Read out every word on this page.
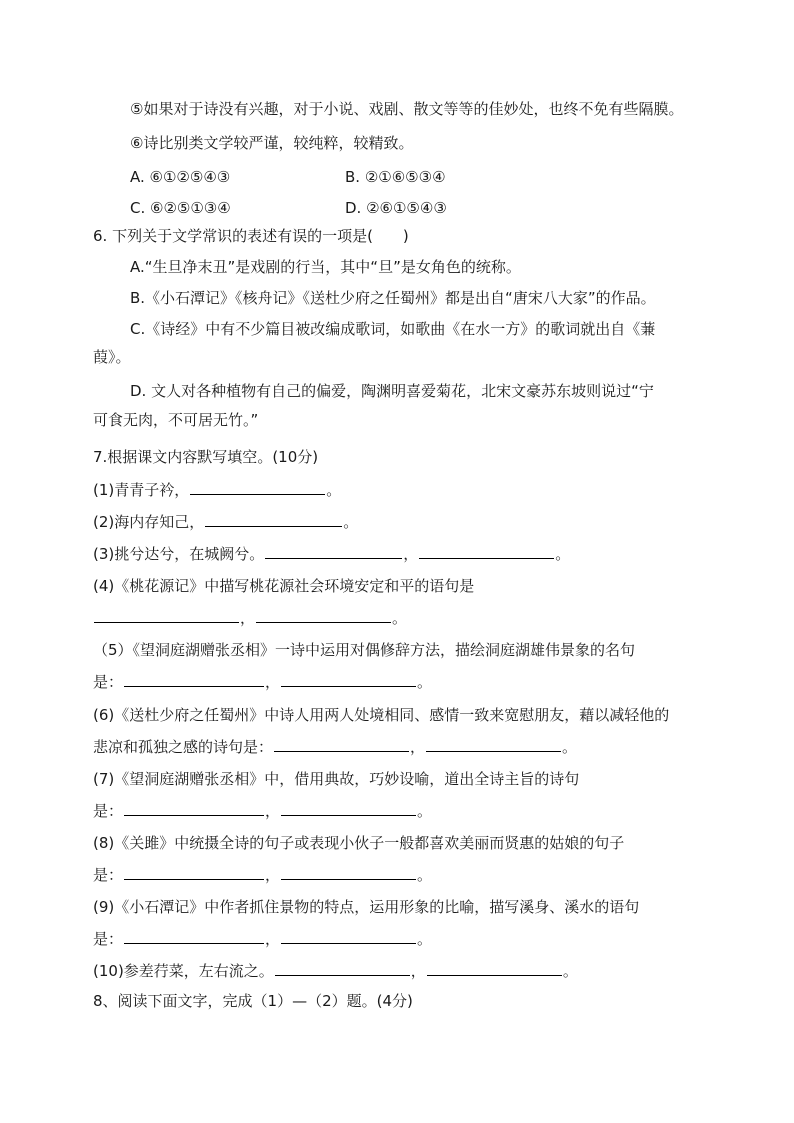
⑤如果对于诗没有兴趣，对于小说、戏剧、散文等等的佳妙处，也终不免有些隔膜。
⑥诗比别类文学较严谨，较纯粹，较精致。
A. ⑥①②⑤④③	B. ②①⑥⑤③④
C. ⑥②⑤①③④	D. ②⑥①⑤④③
6. 下列关于文学常识的表述有误的一项是(　　)
A.“生旦净末丑”是戏剧的行当，其中“旦”是女角色的统称。
B.《小石潭记》《核舟记》《送杜少府之任蜀州》都是出自“唐宋八大家”的作品。
C.《诗经》中有不少篇目被改编成歌词，如歌曲《在水一方》的歌词就出自《蒹
葭》。
D. 文人对各种植物有自己的偏爱，陶渊明喜爱菊花，北宋文豪苏东坡则说过“宁
可食无肉，不可居无竹。”
7.根据课文内容默写填空。(10分)
(1)青青子衿，	。
(2)海内存知己，	。
(3)挑兮达兮，在城阙兮。	，	。
(4)《桃花源记》中描写桃花源社会环境安定和平的语句是
，	。
（5）《望洞庭湖赠张丞相》一诗中运用对偶修辞方法，描绘洞庭湖雄伟景象的名句
是：	，	。
(6)《送杜少府之任蜀州》中诗人用两人处境相同、感情一致来宽慰朋友，藉以减轻他的
悲凉和孤独之感的诗句是：	，	。
(7)《望洞庭湖赠张丞相》中，借用典故，巧妙设喻，道出全诗主旨的诗句
是：	，	。
(8)《关雎》中统摄全诗的句子或表现小伙子一般都喜欢美丽而贤惠的姑娘的句子
是：	，	。
(9)《小石潭记》中作者抓住景物的特点，运用形象的比喻，描写溪身、溪水的语句
是：	，	。
(10)参差荇菜，左右流之。	，	。
8、阅读下面文字，完成（1）—（2）题。(4分)
